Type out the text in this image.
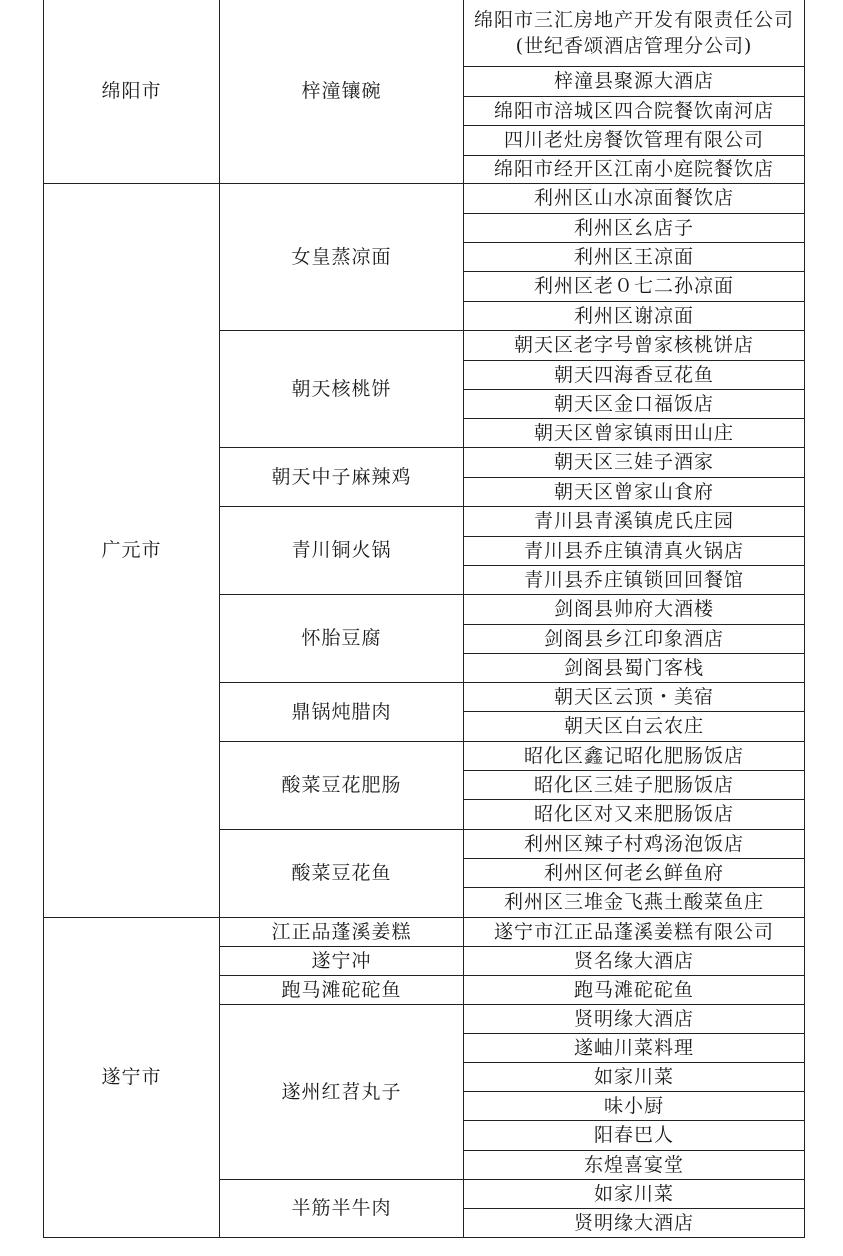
绵阳市	梓潼镶碗	绵阳市三汇房地产开发有限责任公司(世纪香颂酒店管理分公司)
		梓潼县聚源大酒店
		绵阳市涪城区四合院餐饮南河店
		四川老灶房餐饮管理有限公司
		绵阳市经开区江南小庭院餐饮店
广元市	女皇蒸凉面	利州区山水凉面餐饮店
		利州区幺店子
		利州区王凉面
		利州区老０七二孙凉面
		利州区谢凉面
	朝天核桃饼	朝天区老字号曾家核桃饼店
		朝天四海香豆花鱼
		朝天区金口福饭店
		朝天区曾家镇雨田山庄
	朝天中子麻辣鸡	朝天区三娃子酒家
		朝天区曾家山食府
	青川铜火锅	青川县青溪镇虎氏庄园
		青川县乔庄镇清真火锅店
		青川县乔庄镇锁回回餐馆
	怀胎豆腐	剑阁县帅府大酒楼
		剑阁县乡江印象酒店
		剑阁县蜀门客栈
	鼎锅炖腊肉	朝天区云顶・美宿
		朝天区白云农庄
	酸菜豆花肥肠	昭化区鑫记昭化肥肠饭店
		昭化区三娃子肥肠饭店
		昭化区对又来肥肠饭店
	酸菜豆花鱼	利州区辣子村鸡汤泡饭店
		利州区何老幺鲜鱼府
		利州区三堆金飞燕土酸菜鱼庄
遂宁市	江正品蓬溪姜糕	遂宁市江正品蓬溪姜糕有限公司
	遂宁冲	贤名缘大酒店
	跑马滩砣砣鱼	跑马滩砣砣鱼
	遂州红苕丸子	贤明缘大酒店
		遂岫川菜料理
		如家川菜
		味小厨
		阳春巴人
		东煌喜宴堂
	半筋半牛肉	如家川菜
		贤明缘大酒店
